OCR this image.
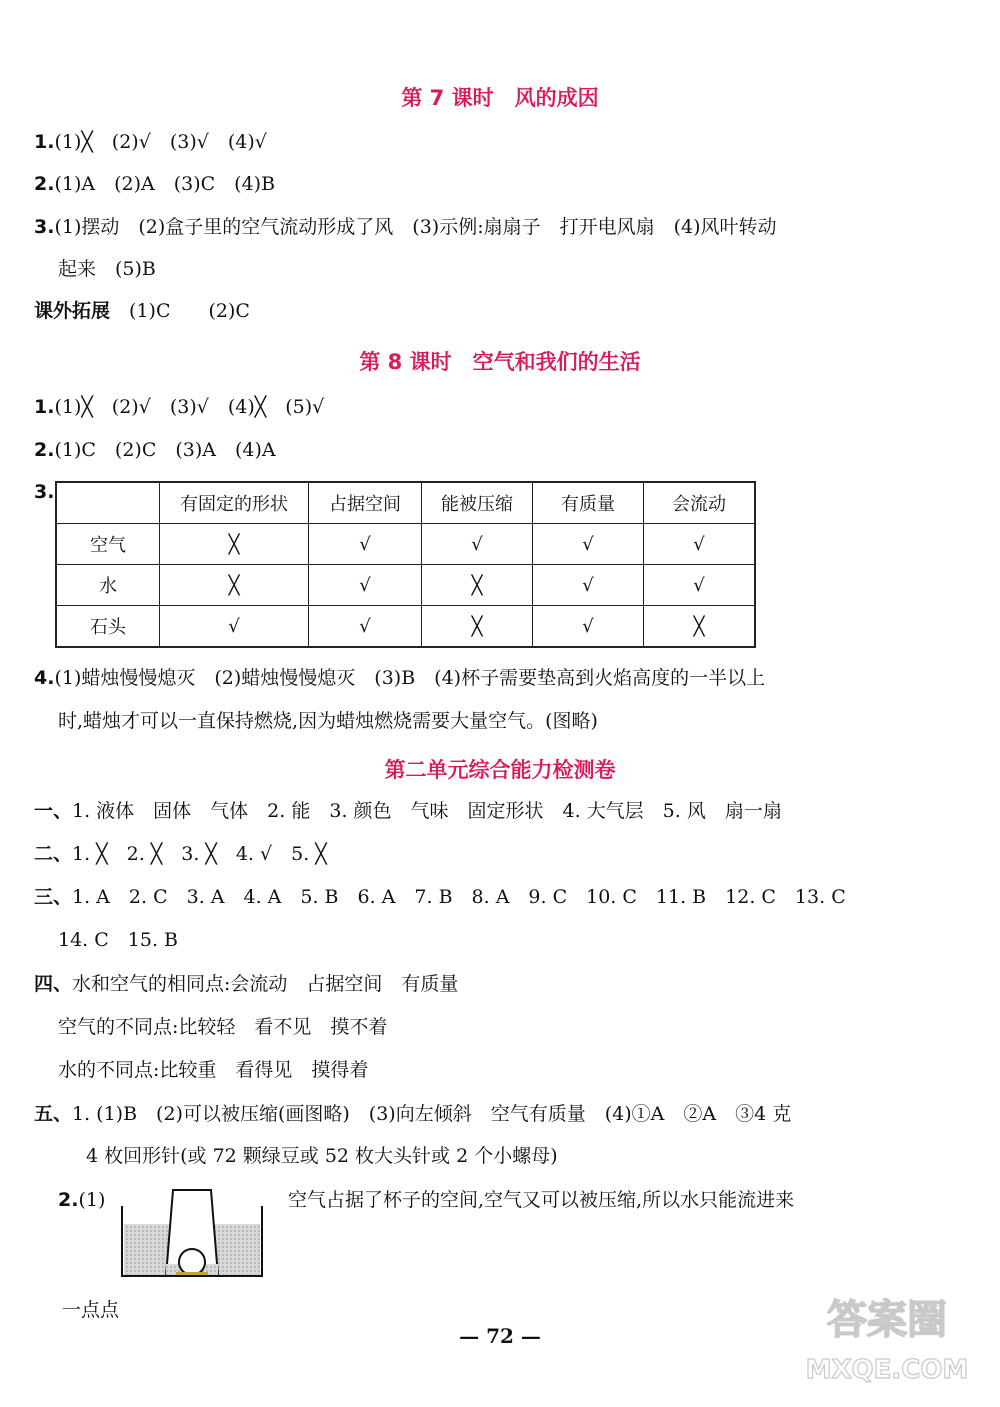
第 7 课时　风的成因
1.(1)╳　(2)√　(3)√　(4)√
2.(1)A　(2)A　(3)C　(4)B
3.(1)摆动　(2)盒子里的空气流动形成了风　(3)示例:扇扇子　打开电风扇　(4)风叶转动
起来　(5)B
课外拓展　 (1)C　　(2)C
第 8 课时　空气和我们的生活
1.(1)╳　(2)√　(3)√　(4)╳　(5)√
2.(1)C　(2)C　(3)A　(4)A
3.
	有固定的形状	占据空间	能被压缩	有质量	会流动
空气	╳	√	√	√	√
水	╳	√	╳	√	√
石头	√	√	╳	√	╳
4.(1)蜡烛慢慢熄灭　(2)蜡烛慢慢熄灭　(3)B　(4)杯子需要垫高到火焰高度的一半以上
时,蜡烛才可以一直保持燃烧,因为蜡烛燃烧需要大量空气。(图略)
第二单元综合能力检测卷
一、1. 液体　固体　气体　2. 能　3. 颜色　气味　固定形状　4. 大气层　5. 风　扇一扇
二、1. ╳　2. ╳　3. ╳　4. √　5. ╳
三、1. A　2. C　3. A　4. A　5. B　6. A　7. B　8. A　9. C　10. C　11. B　12. C　13. C
14. C　15. B
四、水和空气的相同点:会流动　占据空间　有质量
空气的不同点:比较轻　看不见　摸不着
水的不同点:比较重　看得见　摸得着
五、1. (1)B　(2)可以被压缩(画图略)　(3)向左倾斜　空气有质量　(4)①A　②A　③4 克
4 枚回形针(或 72 颗绿豆或 52 枚大头针或 2 个小螺母)
2.(1)	空气占据了杯子的空间,空气又可以被压缩,所以水只能流进来
一点点
— 72 —	答案圈
MXQE.COM
